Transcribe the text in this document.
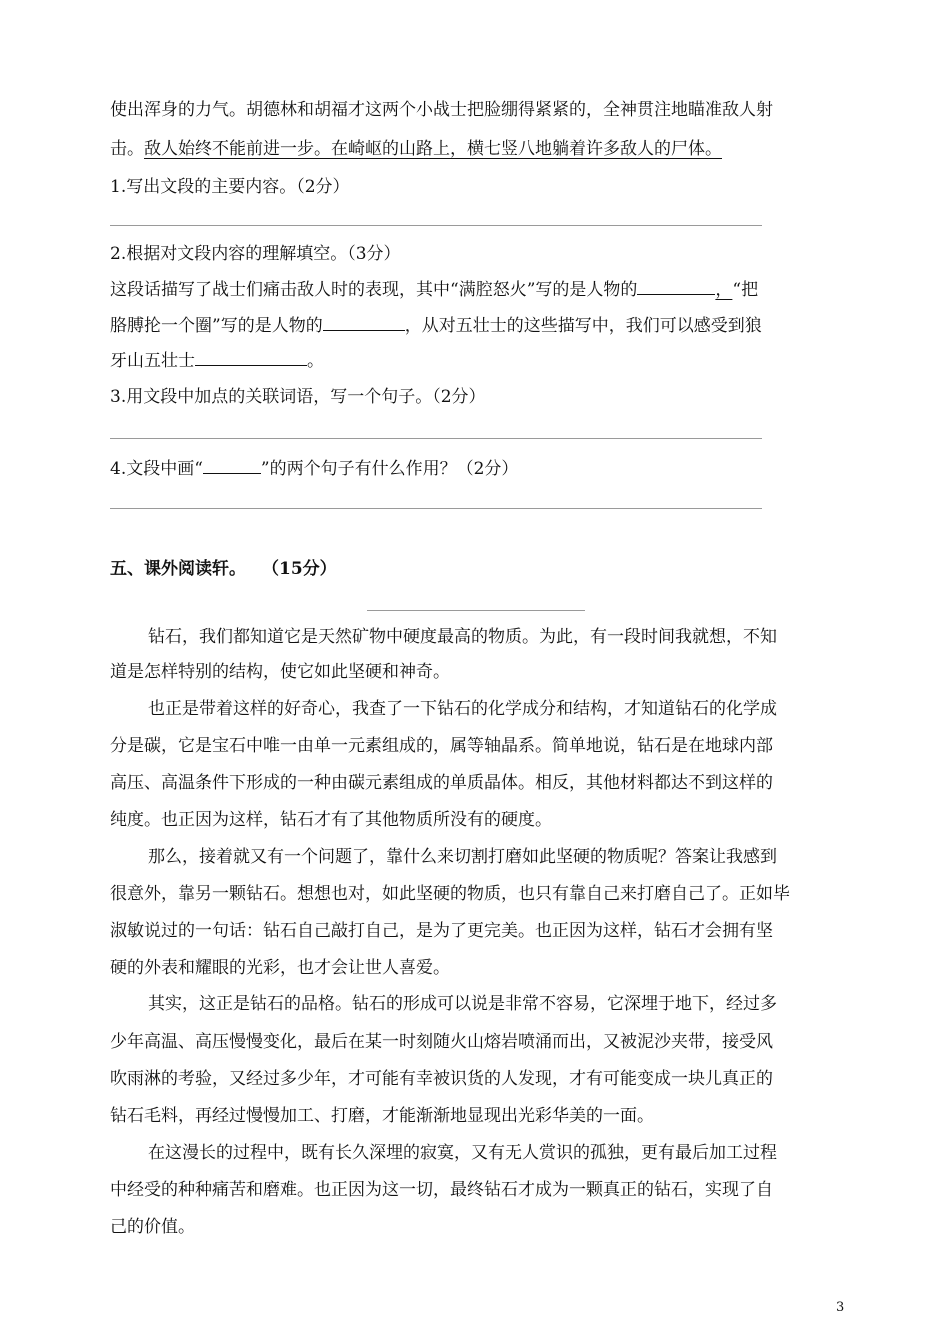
使出浑身的力气。胡德林和胡福才这两个小战士把脸绷得紧紧的，全神贯注地瞄准敌人射
击。敌人始终不能前进一步。在崎岖的山路上，横七竖八地躺着许多敌人的尸体。
1.写出文段的主要内容。（2分）
2.根据对文段内容的理解填空。（3分）
这段话描写了战士们痛击敌人时的表现，其中“满腔怒火”写的是人物的	，“把
胳膊抡一个圈”写的是人物的	，从对五壮士的这些描写中，我们可以感受到狼
牙山五壮士	。
3.用文段中加点的关联词语，写一个句子。（2分）
4.文段中画“	”的两个句子有什么作用？（2分）
五、课外阅读轩。 （15分）
钻石，我们都知道它是天然矿物中硬度最高的物质。为此，有一段时间我就想，不知
道是怎样特别的结构，使它如此坚硬和神奇。
也正是带着这样的好奇心，我查了一下钻石的化学成分和结构，才知道钻石的化学成
分是碳，它是宝石中唯一由单一元素组成的，属等轴晶系。简单地说，钻石是在地球内部
高压、高温条件下形成的一种由碳元素组成的单质晶体。相反，其他材料都达不到这样的
纯度。也正因为这样，钻石才有了其他物质所没有的硬度。
那么，接着就又有一个问题了，靠什么来切割打磨如此坚硬的物质呢？答案让我感到
很意外，靠另一颗钻石。想想也对，如此坚硬的物质，也只有靠自己来打磨自己了。正如毕
淑敏说过的一句话：钻石自己敲打自己，是为了更完美。也正因为这样，钻石才会拥有坚
硬的外表和耀眼的光彩，也才会让世人喜爱。
其实，这正是钻石的品格。钻石的形成可以说是非常不容易，它深埋于地下，经过多
少年高温、高压慢慢变化，最后在某一时刻随火山熔岩喷涌而出，又被泥沙夹带，接受风
吹雨淋的考验，又经过多少年，才可能有幸被识货的人发现，才有可能变成一块儿真正的
钻石毛料，再经过慢慢加工、打磨，才能渐渐地显现出光彩华美的一面。
在这漫长的过程中，既有长久深埋的寂寞，又有无人赏识的孤独，更有最后加工过程
中经受的种种痛苦和磨难。也正因为这一切，最终钻石才成为一颗真正的钻石，实现了自
己的价值。
3
